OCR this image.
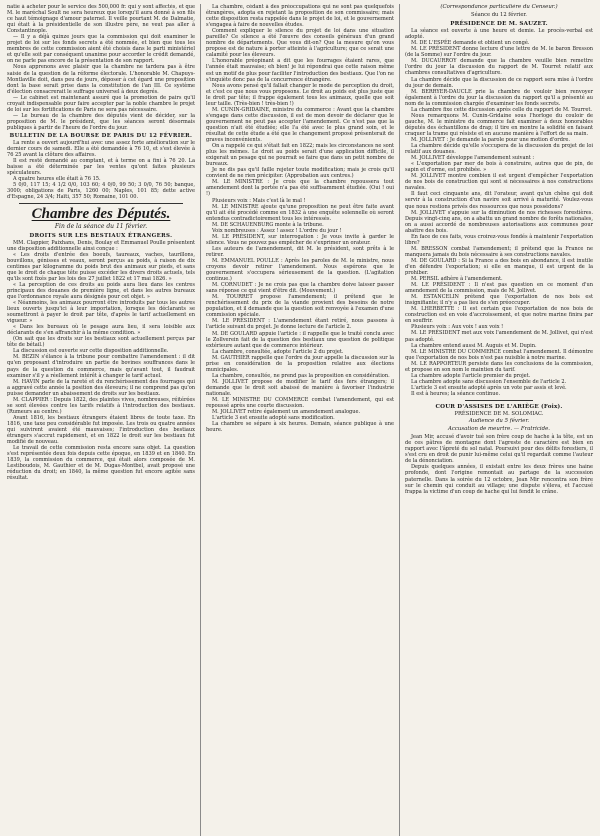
natie à acheter pour le service des 500,000 fr. qui y sont affectés, et que M. le maréchal Soult ne sera heureux que lorsqu'il aura donné à son fils ce haut témoignage d'amour paternel. Il veille pourtant M. de Dalmatie, qui était à la présidentielle de son illustre père, ne veut pas aller à Constantinople.

— Il y a déjà quinze jours que la commission qui doit examiner le projet de loi sur les fonds secrets a été nommée, et bien que tous les membres de cette commission aient été choisis dans le parti ministériel et qu'elle soit par conséquent unanime pour accorder le crédit demandé, on ne parle pas encore de la présentation de son rapport.

Nous apprenons avec plaisir que la chambre ne tardera pas à être saisie de la question de la réforme électorale. L'honorable M. Chapuys-Montlaville doit, dans peu de jours, déposer à cet égard une proposition dont la base serait prise dans la constitution de l'an III. Ce système d'élection consacrerait le suffrage universel à deux degrés.

— Le cabinet est maintenant assuré que la promotion de pairs qu'il croyait indispensable pour faire accepter par la noble chambre le projet de loi sur les fortifications de Paris ne sera pas nécessaire.

— Le bureau de la chambre des députés vient de décider, sur la proposition de M. le président, que les séances seront désormais publiques à partir de l'heure de l'ordre du jour.

BULLETIN DE LA BOURSE DE PARIS DU 12 FÉVRIER.

La rente a ouvert aujourd'hui avec une assez forte amélioration sur le dernier cours de samedi. Elle a été demandée à 76 10, et s'est élevée à 76 25 avant la clôture des affaires.

Il est resté demandé au comptant, et à terme on a fini à 76 20. La baisse a été déterminée par les ventes qu'ont faites plusieurs spéculateurs.

A quatre heures elle était à 76 15.

5 0/0, 117 15; 4 1/2 0/0, 103 60; 4 0/0, 99 50; 3 0/0, 76 50; banque, 3000; obligations de Paris, 1260 00; Naples, 101 85; dette active d'Espagne, 24 3/4; Haïti, 357 50; Romaine, 101 00.

Chambre des Députés.
Fin de la séance du 11 février.
DROITS SUR LES BESTIAUX ÉTRANGERS.

MM. Clappier, Paixhans, Denis, Boulay et Emmanuel Poulle présentent une disposition additionnelle ainsi conçue :

« Les droits d'entrée des boeufs, taureaux, vaches, taurillons, bouvillons, génisses et veaux, seront perçus au poids, à raison de dix centimes par kilogramme du poids brut des animaux sur pieds, et sans que le droit de chaque tête puisse excéder les divers droits actuels, tels qu'ils sont fixés par les lois des 27 juillet 1822 et 17 mai 1826. »

« La perception de ces droits au poids aura lieu dans les centres principaux des douanes de première ligne, et dans les autres bureaux que l'ordonnance royale aura désignés pour cet objet. »

« Néanmoins, les animaux pourront être introduits par tous les autres lieux ouverts jusqu'ici à leur importation, lorsque les déclarants se soumettront à payer le droit par tête, d'après le tarif actuellement en vigueur. »

« Dans les bureaux où le pesage aura lieu, il sera loisible aux déclarants de s'en affranchir à la même condition. »

(On sait que les droits sur les bestiaux sont actuellement perçus par tête de bétail.)

La discussion est ouverte sur cette disposition additionnelle.

M. BEZIN s'élance à la tribune pour combattre l'amendement : il dit qu'en proposant d'introduire un partie de bovines souffrances dans le pays de la question du commerce, mais qu'avant tout, il faudrait examiner s'il y a réellement intérêt à changer le tarif actuel.

M. HAVIN parle de la rareté et du renchérissement des fourrages qui a aggravé cette année la position des éleveurs; il ne comprend pas qu'on puisse demander un abaissement de droits sur les bestiaux.

M. CLAPPIER : Depuis 1822, des plaintes vives, nombreuses, réitérées se sont élevées contre les tarifs relatifs à l'introduction des bestiaux. (Rumeurs au centre.)

Avant 1816, les bestiaux étrangers étaient libres de toute taxe. En 1816, une taxe peu considérable fut imposée. Les trois ou quatre années qui suivirent avaient été mauvaises; l'introduction des bestiaux étrangers s'accrut rapidement, et en 1822 le droit sur les bestiaux fut modifié de nouveau.

Le travail de cette commission resta encore sans objet. La question s'est représentée deux fois depuis cette époque, en 1839 et en 1840. En 1839, la commission du commerce, qui était alors composée de M. Lestiboudois, M. Gauthier et de M. Dugas-Montbel, avait proposé une réduction du droit; en 1840, la même question fut encore agitée sans résultat.

La chambre, cédant à des préoccupations qui ne sont pas quelquefois étrangères, adopta en rejetant la proposition de son commissaire; mais cette disposition resta rappelée dans le projet de loi, et le gouvernement s'engagea à faire de nouvelles études.

Comment expliquer le silence du projet de loi dans une situation pareille? Ce silence a été l'œuvre des conseils généraux d'un grand nombre de départements. Que vous dit-on? Que la mesure qu'on vous propose est de nature à porter atteinte à l'agriculture; que ce serait une calamité pour les éleveurs.

L'honorable préopinant a dit que les fourrages étaient rares, que l'année était mauvaise; eh bien! je lui répondrai que cette raison même est un motif de plus pour faciliter l'introduction des bestiaux. Que l'on ne s'inquiète donc pas de la concurrence étrangère.

Nous avons pensé qu'il fallait changer le mode de perception du droit, et c'est ce que nous vous proposons. Le droit au poids est plus juste que le droit par tête; il frappe également tous les animaux, quelle que soit leur taille. (Très-bien ! très-bien !)

M. CUNIN-GRIDAINE, ministre du commerce : Avant que la chambre s'engage dans cette discussion, il est de mon devoir de déclarer que le gouvernement ne peut pas accepter l'amendement. Ce n'est pas que la question n'ait été étudiée; elle l'a été avec le plus grand soin, et le résultat de cette étude a été que le changement proposé présenterait de graves inconvénients.

On a rappelé ce qui s'était fait en 1822; mais les circonstances ne sont plus les mêmes. Le droit au poids serait d'une application difficile, il exigerait un pesage qui ne pourrait se faire que dans un petit nombre de bureaux.

Je ne dis pas qu'il faille rejeter toute modification; mais je crois qu'il convient de ne rien précipiter. (Approbation aux centres.)

M. LE MINISTRE : Je crois que la chambre repoussera tout amendement dont la portée n'a pas été suffisamment étudiée. (Oui ! oui !)

Plusieurs voix : Mais c'est là le mal !

M. LE MINISTRE ajoute qu'une proposition ne peut être faite avant qu'il ait été procédé comme en 1832 à une enquête solennelle où seront entendus contradictoirement tous les intéressés.

M. DE SCHAUENBURG monte à la tribune.

Voix nombreuses : Assez ! assez ! L'ordre du jour !

M. LE PRÉSIDENT, sur interrogation : Je vous invite à garder le silence. Vous ne pouvez pas empêcher de s'exprimer un orateur.

Les auteurs de l'amendement, dit M. le président, sont prêts à le retirer.

M. EMMANUEL POULLE : Après les paroles de M. le ministre, nous croyons devoir retirer l'amendement. Nous espérons que le gouvernement s'occupera sérieusement de la question. (L'agitation continue.)

M. CORNUDET : Je ne crois pas que la chambre doive laisser passer sans réponse ce qui vient d'être dit. (Mouvement.)

M. TOURRET propose l'amendement; il prétend que le renchérissement du prix de la viande provient des besoins de notre population, et il demande que la question soit renvoyée à l'examen d'une commission spéciale.

M. LE PRÉSIDENT : L'amendement étant retiré, nous passons à l'article suivant du projet. Je donne lecture de l'article 2.

M. DE GOULARD appuie l'article : il rappelle que le traité conclu avec le Zollverein fait de la question des bestiaux une question de politique extérieure autant que de commerce intérieur.

La chambre, consultée, adopte l'article 2 du projet.

M. GAUTHIER rappelle que l'ordre du jour appelle la discussion sur la prise en considération de la proposition relative aux élections municipales.

La chambre, consultée, ne prend pas la proposition en considération.

M. JOLLIVET propose de modifier le tarif des fers étrangers; il demande que le droit soit abaissé de manière à favoriser l'industrie nationale.

M. LE MINISTRE DU COMMERCE combat l'amendement, qui est repoussé après une courte discussion.

M. JOLLIVET retire également un amendement analogue.

L'article 3 est ensuite adopté sans modification.

La chambre se sépare à six heures. Demain, séance publique à une heure.

(Correspondance particulière du Censeur.)
Séance du 12 février.
PRÉSIDENCE DE M. SAUZET.

La séance est ouverte à une heure et demie. Le procès-verbal est adopté.

M. DE L'ESPÉE demande et obtient un congé.

M. LE PRÉSIDENT donne lecture d'une lettre de M. le baron Bresson (de la Somme) sur l'ordre du jour.

M. DUCAURROY demande que la chambre veuille bien remettre l'ordre du jour la discussion du rapport de M. Tourret relatif aux chambres consultatives d'agriculture.

La chambre décide que la discussion de ce rapport sera mise à l'ordre du jour de demain.

M. BERRYER-DAUCLE prie la chambre de vouloir bien renvoyer également à l'ordre du jour la discussion du rapport qu'il a présenté au nom de la commission chargée d'examiner les fonds secrets.

La chambre fixe cette discussion après celle du rapport de M. Tourret.

Nous remarquons M. Cunin-Gridaine sous l'horloge du couloir de gauche, M. le ministre du commerce fait examiner à deux honorables députés des échantillons de drap; il tire en montre la solidité en faisant craquer la trame qui résiste et en aucune manière à l'effort de sa main.

M. JOLLIVET : Je demande la parole pour une motion d'ordre.

La chambre décide qu'elle s'occupera de la discussion du projet de loi relatif aux douanes.

M. JOLLIVET développe l'amendement suivant :

« L'exportation par mer de bois à construire, autres que de pin, de sapin et d'orme, est prohibée. »

M. JOLLIVET montre combien il est urgent d'empêcher l'exportation de nos bois de construction qui sont si nécessaires à nos constructions navales.

Il faut ceci cinquante ans, dit l'orateur, avant qu'un chêne qui doit servir à la construction d'un navire soit arrivé à maturité. Voulez-vous que nous restions privés des ressources que nous possédons?

M. JOLLIVET s'appuie sur la diminution de nos richesses forestières. Depuis vingt-cinq ans, on a abattu un grand nombre de forêts nationales, on a aussi accordé de nombreuses autorisations aux communes pour abattre des bois.

En face de ces faits, vous croirez-vous fondés à maintenir l'exportation libre?

M. BRESSON combat l'amendement; il prétend que la France ne manquera jamais du bois nécessaire à ses constructions navales.

M. DE GOULARD : Si la France a des bois en abondance, il est inutile d'en défendre l'exportation; si elle en manque, il est urgent de la prohiber.

M. PERSIL adhère à l'amendement.

M. LE PRÉSIDENT : Il n'est pas question en ce moment d'un amendement de la commission, mais de M. Jollivet.

M. ESTANCELIN prétend que l'exportation de nos bois est insignifiante; il n'y a pas lieu de s'en préoccuper.

M. LHERBETTE : Il est certain que l'exportation de nos bois de construction est en voie d'accroissement, et que notre marine finira par en souffrir.

Plusieurs voix : Aux voix ! aux voix !

M. LE PRÉSIDENT met aux voix l'amendement de M. Jollivet, qui n'est pas adopté.

La chambre entend aussi M. Auguis et M. Dupin.

M. LE MINISTRE DU COMMERCE combat l'amendement. Il démontre que l'exportation de nos bois n'est pas nuisible à notre marine.

M. LE RAPPORTEUR persiste dans les conclusions de la commission, et propose en son nom le maintien du tarif.

La chambre adopte l'article premier du projet.

La chambre adopte sans discussion l'ensemble de l'article 2.

L'article 3 est ensuite adopté après un vote par assis et levé.

Il est à heures; la séance continue.

COUR D'ASSISES DE L'ARIÈGE (Foix).
PRÉSIDENCE DE M. SOLOMIAC.
Audience du 5 février.
Accusation de meurtre. — Fratricide.

Jean Mir, accusé d'avoir tué son frère coup de hache à la tête, est un de ces pâtres de montagne dont l'agreste de caractère est bien en rapport avec l'âpreté du sol natal. Poursuivi pour des délits forestiers, il s'est cru en droit de punir lui-même celui qu'il regardait comme l'auteur de la dénonciation.

Depuis quelques années, il existait entre les deux frères une haine profonde, dont l'origine remontait au partage de la succession paternelle. Dans la soirée du 12 octobre, Jean Mir rencontra son frère sur le chemin qui conduit au village; une dispute s'éleva, et l'accusé frappa la victime d'un coup de hache qui lui fendit le crâne.
